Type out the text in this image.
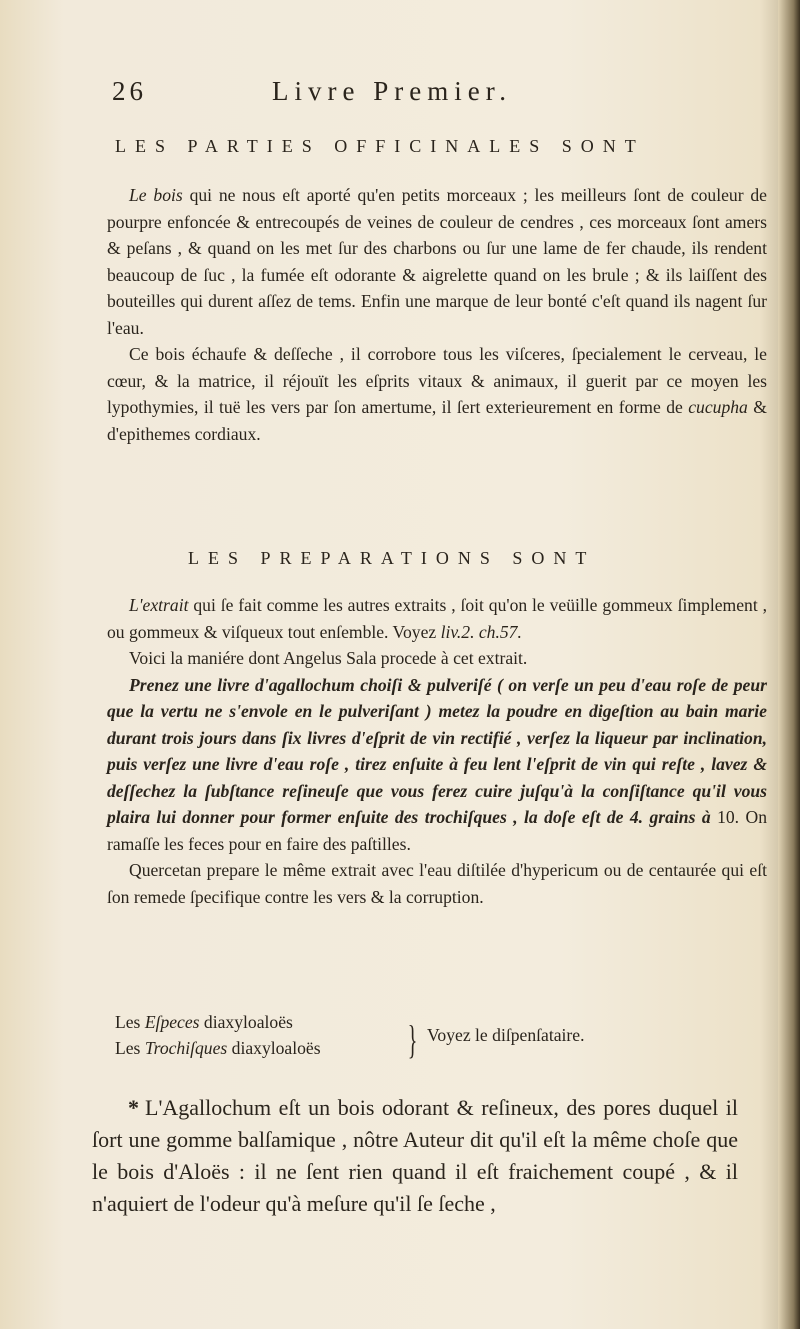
26	Livre Premier.
LES PARTIES OFFICINALES SONT

Le bois qui ne nous eſt aporté qu'en petits morceaux ; les meilleurs ſont de couleur de pourpre enfoncée & entrecoupés de veines de couleur de cendres , ces morceaux ſont amers & peſans , & quand on les met ſur des charbons ou ſur une lame de fer chaude, ils rendent beaucoup de ſuc , la fumée eſt odorante & aigrelette quand on les brule ; & ils laiſſent des bouteilles qui durent aſſez de tems. Enfin une marque de leur bonté c'eſt quand ils nagent ſur l'eau.

Ce bois échaufe & deſſeche , il corrobore tous les viſceres, ſpecialement le cerveau, le cœur, & la matrice, il réjouït les eſprits vitaux & animaux, il guerit par ce moyen les lypothymies, il tuë les vers par ſon amertume, il ſert exterieurement en forme de cucupha & d'epithemes cordiaux.

LES PREPARATIONS SONT

L'extrait qui ſe fait comme les autres extraits , ſoit qu'on le veüille gommeux ſimplement , ou gommeux & viſqueux tout enſemble. Voyez liv.2. ch.57.

Voici la maniére dont Angelus Sala procede à cet extrait.

Prenez une livre d'agallochum choiſi & pulveriſé ( on verſe un peu d'eau roſe de peur que la vertu ne s'envole en le pulveriſant ) metez la poudre en digeſtion au bain marie durant trois jours dans ſix livres d'eſprit de vin rectifié , verſez la liqueur par inclination, puis verſez une livre d'eau roſe , tirez enſuite à feu lent l'eſprit de vin qui reſte , lavez & deſſechez la ſubſtance reſineuſe que vous ferez cuire juſqu'à la conſiſtance qu'il vous plaira lui donner pour former enſuite des trochiſques , la doſe eſt de 4. grains à 10. On ramaſſe les feces pour en faire des paſtilles.

Quercetan prepare le même extrait avec l'eau diſtilée d'hypericum ou de centaurée qui eſt ſon remede ſpecifique contre les vers & la corruption.

Les Eſpeces diaxyloaloës
Les Trochiſques diaxyloaloës } Voyez le diſpenſataire.

* L'Agallochum eſt un bois odorant & reſineux, des pores duquel il ſort une gomme balſamique , nôtre Auteur dit qu'il eſt la même choſe que le bois d'Aloës : il ne ſent rien quand il eſt fraichement coupé , & il n'aquiert de l'odeur qu'à meſure qu'il ſe ſeche ,
